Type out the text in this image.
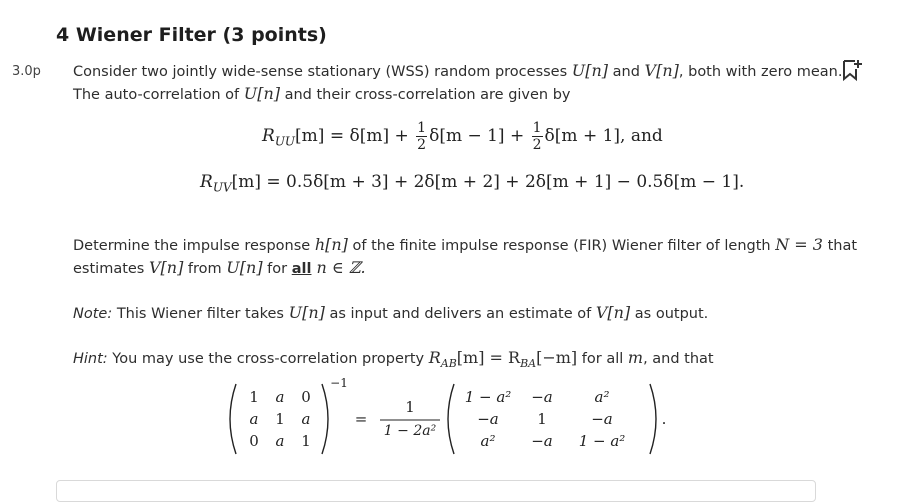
4 Wiener Filter (3 points)
3.0p Consider two jointly wide-sense stationary (WSS) random processes U[n] and V[n], both with zero mean.
The auto-correlation of U[n] and their cross-correlation are given by
$R_{UU}[m] = \delta[m] + \frac{1}{2} \delta[m - 1] + \frac{1}{2} \delta[m + 1]$, and
$R_{UV}[m] = 0.5\delta[m + 3] + 2\delta[m + 2] + 2\delta[m + 1] - 0.5\delta[m - 1]$.
Determine the impulse response h[n] of the finite impulse response (FIR) Wiener filter of length N = 3 that
estimates V[n] from U[n] for all n ∈ ℤ.
Note: This Wiener filter takes U[n] as input and delivers an estimate of V[n] as output.
Hint: You may use the cross-correlation property $R_{AB}[m] = R_{BA}[-m]$ for all m, and that
1	a	0
a	1	a
0	a	1
−1
=
1
1 − 2a²
1 − a²	−a	a²
−a	1	−a
a²	−a	1 − a²
.
